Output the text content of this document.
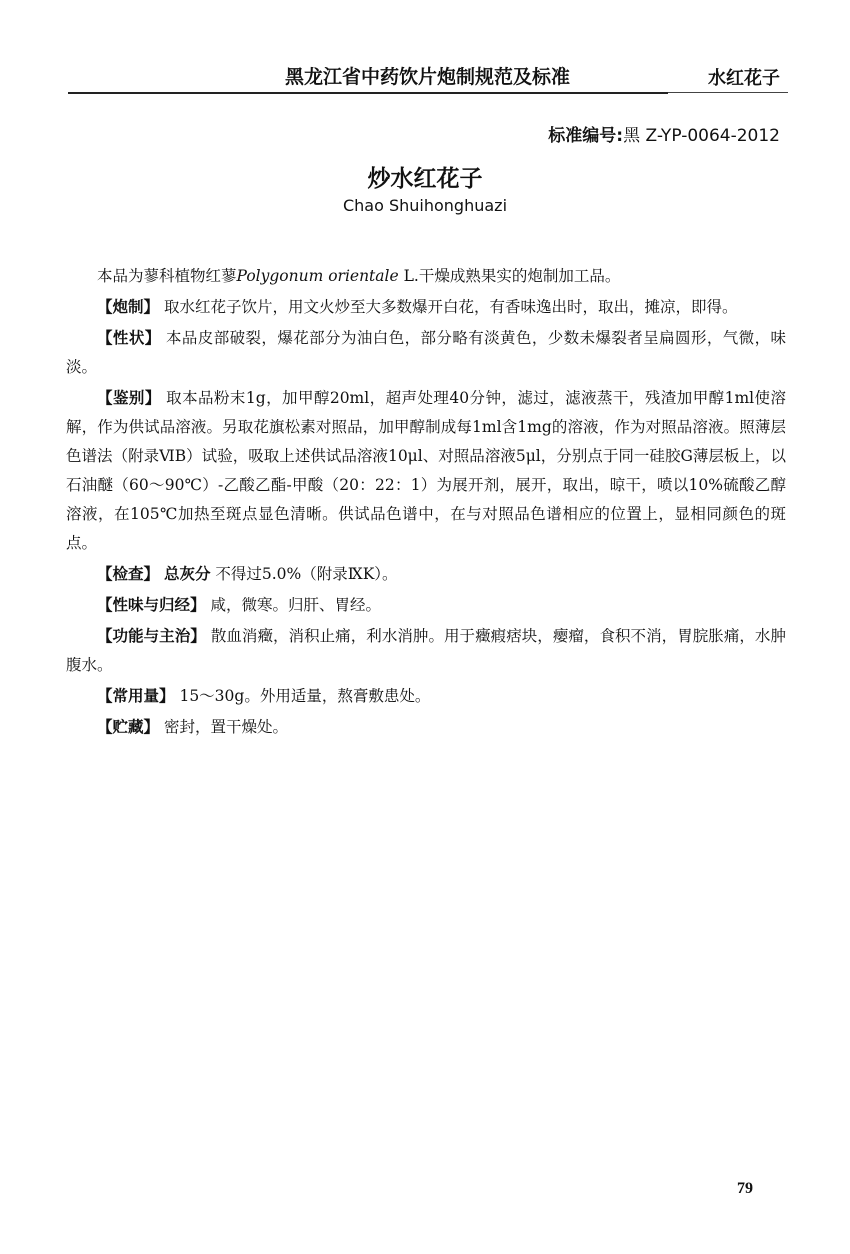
黑龙江省中药饮片炮制规范及标准	水红花子
标准编号:黑 Z-YP-0064-2012
炒水红花子
Chao Shuihonghuazi

本品为蓼科植物红蓼Polygonum orientale L.干燥成熟果实的炮制加工品。

【炮制】 取水红花子饮片，用文火炒至大多数爆开白花，有香味逸出时，取出，摊凉，即得。

【性状】 本品皮部破裂，爆花部分为油白色，部分略有淡黄色，少数未爆裂者呈扁圆形，气微，味淡。

【鉴别】 取本品粉末1g，加甲醇20ml，超声处理40分钟，滤过，滤液蒸干，残渣加甲醇1ml使溶解，作为供试品溶液。另取花旗松素对照品，加甲醇制成每1ml含1mg的溶液，作为对照品溶液。照薄层色谱法（附录ⅥB）试验，吸取上述供试品溶液10μl、对照品溶液5μl，分别点于同一硅胶G薄层板上，以石油醚（60～90℃）-乙酸乙酯-甲酸（20：22：1）为展开剂，展开，取出，晾干，喷以10%硫酸乙醇溶液，在105℃加热至斑点显色清晰。供试品色谱中，在与对照品色谱相应的位置上，显相同颜色的斑点。

【检查】 总灰分 不得过5.0%（附录ⅨK）。

【性味与归经】 咸，微寒。归肝、胃经。

【功能与主治】 散血消癥，消积止痛，利水消肿。用于癥瘕痞块，瘿瘤，食积不消，胃脘胀痛，水肿腹水。

【常用量】 15～30g。外用适量，熬膏敷患处。

【贮藏】 密封，置干燥处。

79
